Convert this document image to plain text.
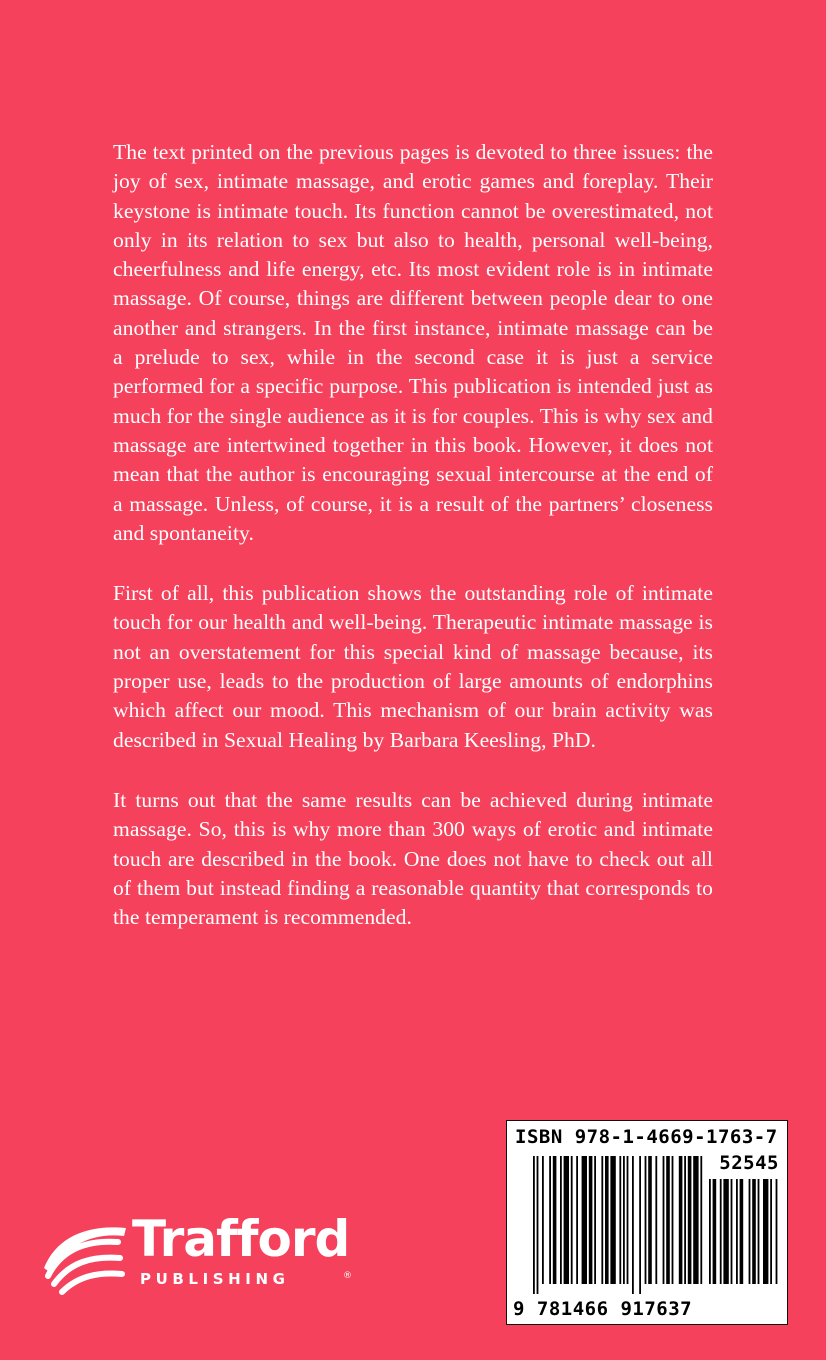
The text printed on the previous pages is devoted to three issues: the joy of sex, intimate massage, and erotic games and foreplay. Their keystone is intimate touch. Its function cannot be overestimated, not only in its relation to sex but also to health, personal well-being, cheerfulness and life energy, etc. Its most evident role is in intimate massage. Of course, things are different between people dear to one another and strangers. In the first instance, intimate massage can be a prelude to sex, while in the second case it is just a service performed for a specific purpose. This publication is intended just as much for the single audience as it is for couples. This is why sex and massage are intertwined together in this book. However, it does not mean that the author is encouraging sexual intercourse at the end of a massage. Unless, of course, it is a result of the partners’ closeness and spontaneity.

First of all, this publication shows the outstanding role of intimate touch for our health and well-being. Therapeutic intimate massage is not an overstatement for this special kind of massage because, its proper use, leads to the production of large amounts of endorphins which affect our mood. This mechanism of our brain activity was described in Sexual Healing by Barbara Keesling, PhD.

It turns out that the same results can be achieved during intimate massage. So, this is why more than 300 ways of erotic and intimate touch are described in the book. One does not have to check out all of them but instead finding a reasonable quantity that corresponds to the temperament is recommended.

ISBN 978-1-4669-1763-7
52545
9 781466 917637
Trafford
PUBLISHING	®
